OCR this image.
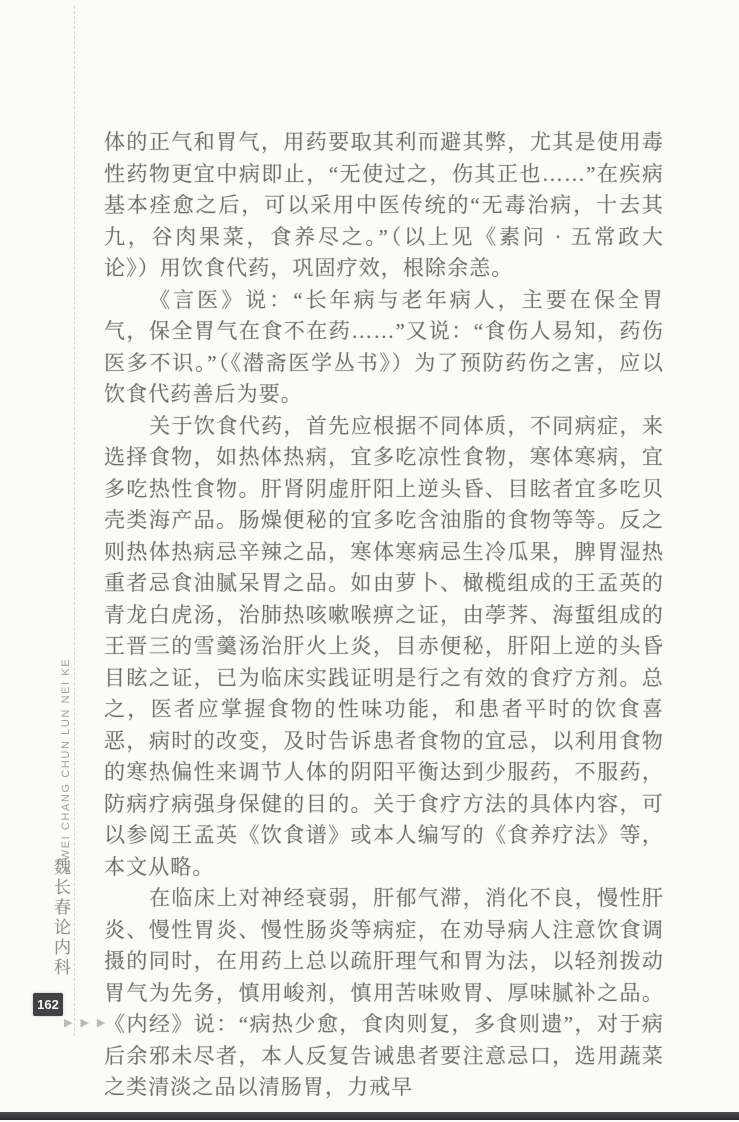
WEI CHANG CHUN LUN NEI KE
魏长春论内科
162
▶▶▶

体的正气和胃气，用药要取其利而避其弊，尤其是使用毒性药物更宜中病即止，“无使过之，伤其正也……”在疾病基本痊愈之后，可以采用中医传统的“无毒治病，十去其九，谷肉果菜，食养尽之。”（以上见《素问 · 五常政大论》）用饮食代药，巩固疗效，根除余恙。

《言医》说：“长年病与老年病人，主要在保全胃气，保全胃气在食不在药……”又说：“食伤人易知，药伤医多不识。”（《潜斋医学丛书》）为了预防药伤之害，应以饮食代药善后为要。

关于饮食代药，首先应根据不同体质，不同病症，来选择食物，如热体热病，宜多吃凉性食物，寒体寒病，宜多吃热性食物。肝肾阴虚肝阳上逆头昏、目眩者宜多吃贝壳类海产品。肠燥便秘的宜多吃含油脂的食物等等。反之则热体热病忌辛辣之品，寒体寒病忌生冷瓜果，脾胃湿热重者忌食油腻呆胃之品。如由萝卜、橄榄组成的王孟英的青龙白虎汤，治肺热咳嗽喉痹之证，由荸荠、海蜇组成的王晋三的雪羹汤治肝火上炎，目赤便秘，肝阳上逆的头昏目眩之证，已为临床实践证明是行之有效的食疗方剂。总之，医者应掌握食物的性味功能，和患者平时的饮食喜恶，病时的改变，及时告诉患者食物的宜忌，以利用食物的寒热偏性来调节人体的阴阳平衡达到少服药，不服药，防病疗病强身保健的目的。关于食疗方法的具体内容，可以参阅王孟英《饮食谱》或本人编写的《食养疗法》等，本文从略。

在临床上对神经衰弱，肝郁气滞，消化不良，慢性肝炎、慢性胃炎、慢性肠炎等病症，在劝导病人注意饮食调摄的同时，在用药上总以疏肝理气和胃为法，以轻剂拨动胃气为先务，慎用峻剂，慎用苦味败胃、厚味腻补之品。《内经》说：“病热少愈，食肉则复，多食则遗”，对于病后余邪未尽者，本人反复告诫患者要注意忌口，选用蔬菜之类清淡之品以清肠胃，力戒早
